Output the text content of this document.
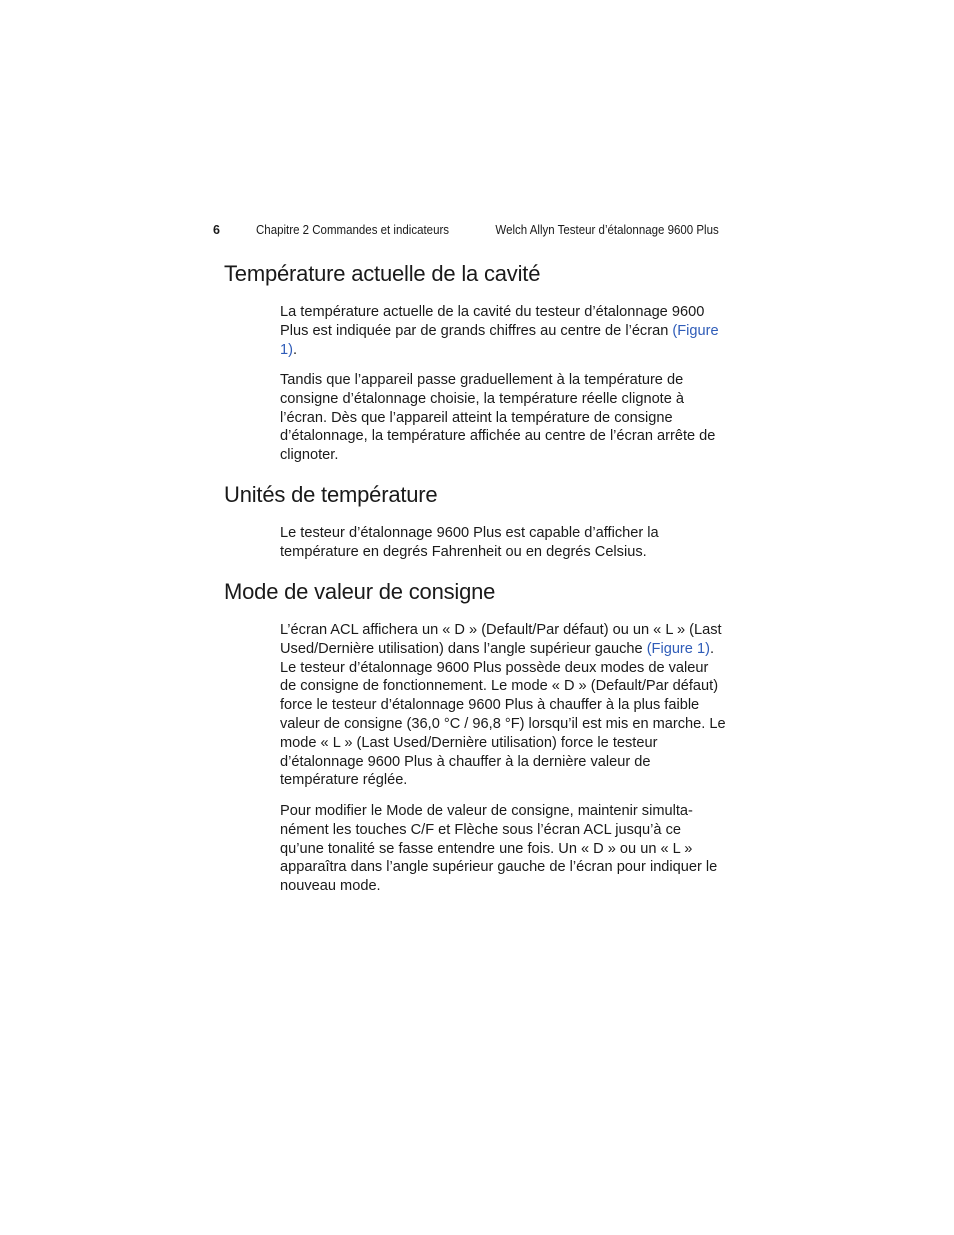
6	Chapitre 2 Commandes et indicateurs	Welch Allyn Testeur d’étalonnage 9600 Plus
Température actuelle de la cavité

La température actuelle de la cavité du testeur d’étalonnage 9600 Plus est indiquée par de grands chiffres au centre de l’écran (Figure 1).

Tandis que l’appareil passe graduellement à la température de consigne d’étalonnage choisie, la température réelle clignote à l’écran. Dès que l’appareil atteint la température de consigne d’étalonnage, la température affichée au centre de l’écran arrête de clignoter.

Unités de température

Le testeur d’étalonnage 9600 Plus est capable d’afficher la température en degrés Fahrenheit ou en degrés Celsius.

Mode de valeur de consigne

L’écran ACL affichera un « D » (Default/Par défaut) ou un « L » (Last Used/Dernière utilisation) dans l’angle supérieur gauche (Figure 1). Le testeur d’étalonnage 9600 Plus possède deux modes de valeur de consigne de fonctionnement. Le mode « D » (Default/Par défaut) force le testeur d’étalonnage 9600 Plus à chauffer à la plus faible valeur de consigne (36,0 °C / 96,8 °F) lorsqu’il est mis en marche. Le mode « L » (Last Used/Dernière utilisation) force le testeur d’étalonnage 9600 Plus à chauffer à la dernière valeur de température réglée.

Pour modifier le Mode de valeur de consigne, maintenir simulta-nément les touches C/F et Flèche sous l’écran ACL jusqu’à ce qu’une tonalité se fasse entendre une fois. Un « D » ou un « L » apparaîtra dans l’angle supérieur gauche de l’écran pour indiquer le nouveau mode.
